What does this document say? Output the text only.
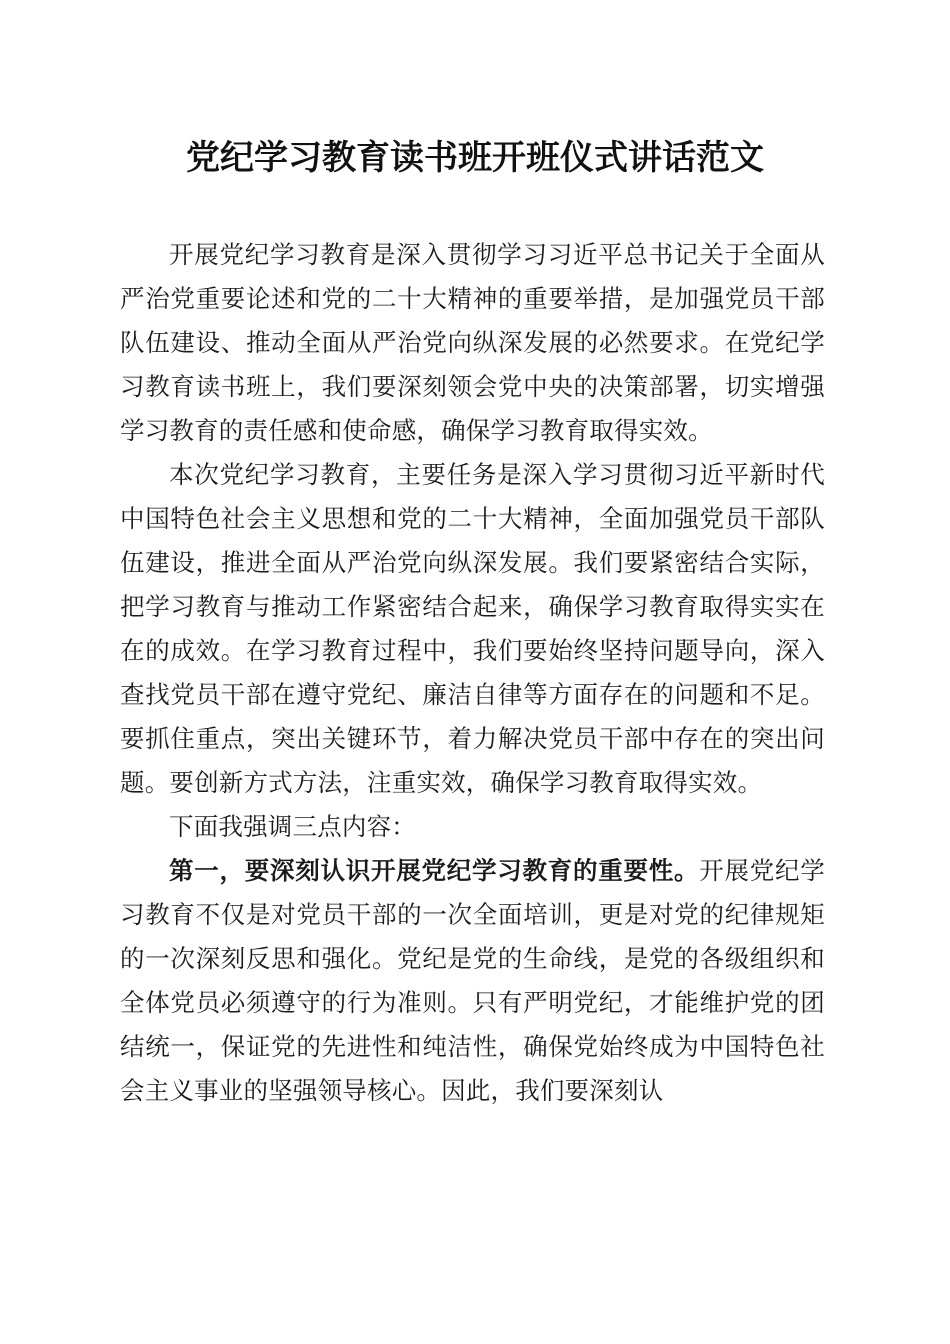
党纪学习教育读书班开班仪式讲话范文

开展党纪学习教育是深入贯彻学习习近平总书记关于全面从严治党重要论述和党的二十大精神的重要举措，是加强党员干部队伍建设、推动全面从严治党向纵深发展的必然要求。在党纪学习教育读书班上，我们要深刻领会党中央的决策部署，切实增强学习教育的责任感和使命感，确保学习教育取得实效。

本次党纪学习教育，主要任务是深入学习贯彻习近平新时代中国特色社会主义思想和党的二十大精神，全面加强党员干部队伍建设，推进全面从严治党向纵深发展。我们要紧密结合实际，把学习教育与推动工作紧密结合起来，确保学习教育取得实实在在的成效。在学习教育过程中，我们要始终坚持问题导向，深入查找党员干部在遵守党纪、廉洁自律等方面存在的问题和不足。要抓住重点，突出关键环节，着力解决党员干部中存在的突出问题。要创新方式方法，注重实效，确保学习教育取得实效。

下面我强调三点内容：

第一，要深刻认识开展党纪学习教育的重要性。开展党纪学习教育不仅是对党员干部的一次全面培训，更是对党的纪律规矩的一次深刻反思和强化。党纪是党的生命线，是党的各级组织和全体党员必须遵守的行为准则。只有严明党纪，才能维护党的团结统一，保证党的先进性和纯洁性，确保党始终成为中国特色社会主义事业的坚强领导核心。因此，我们要深刻认
